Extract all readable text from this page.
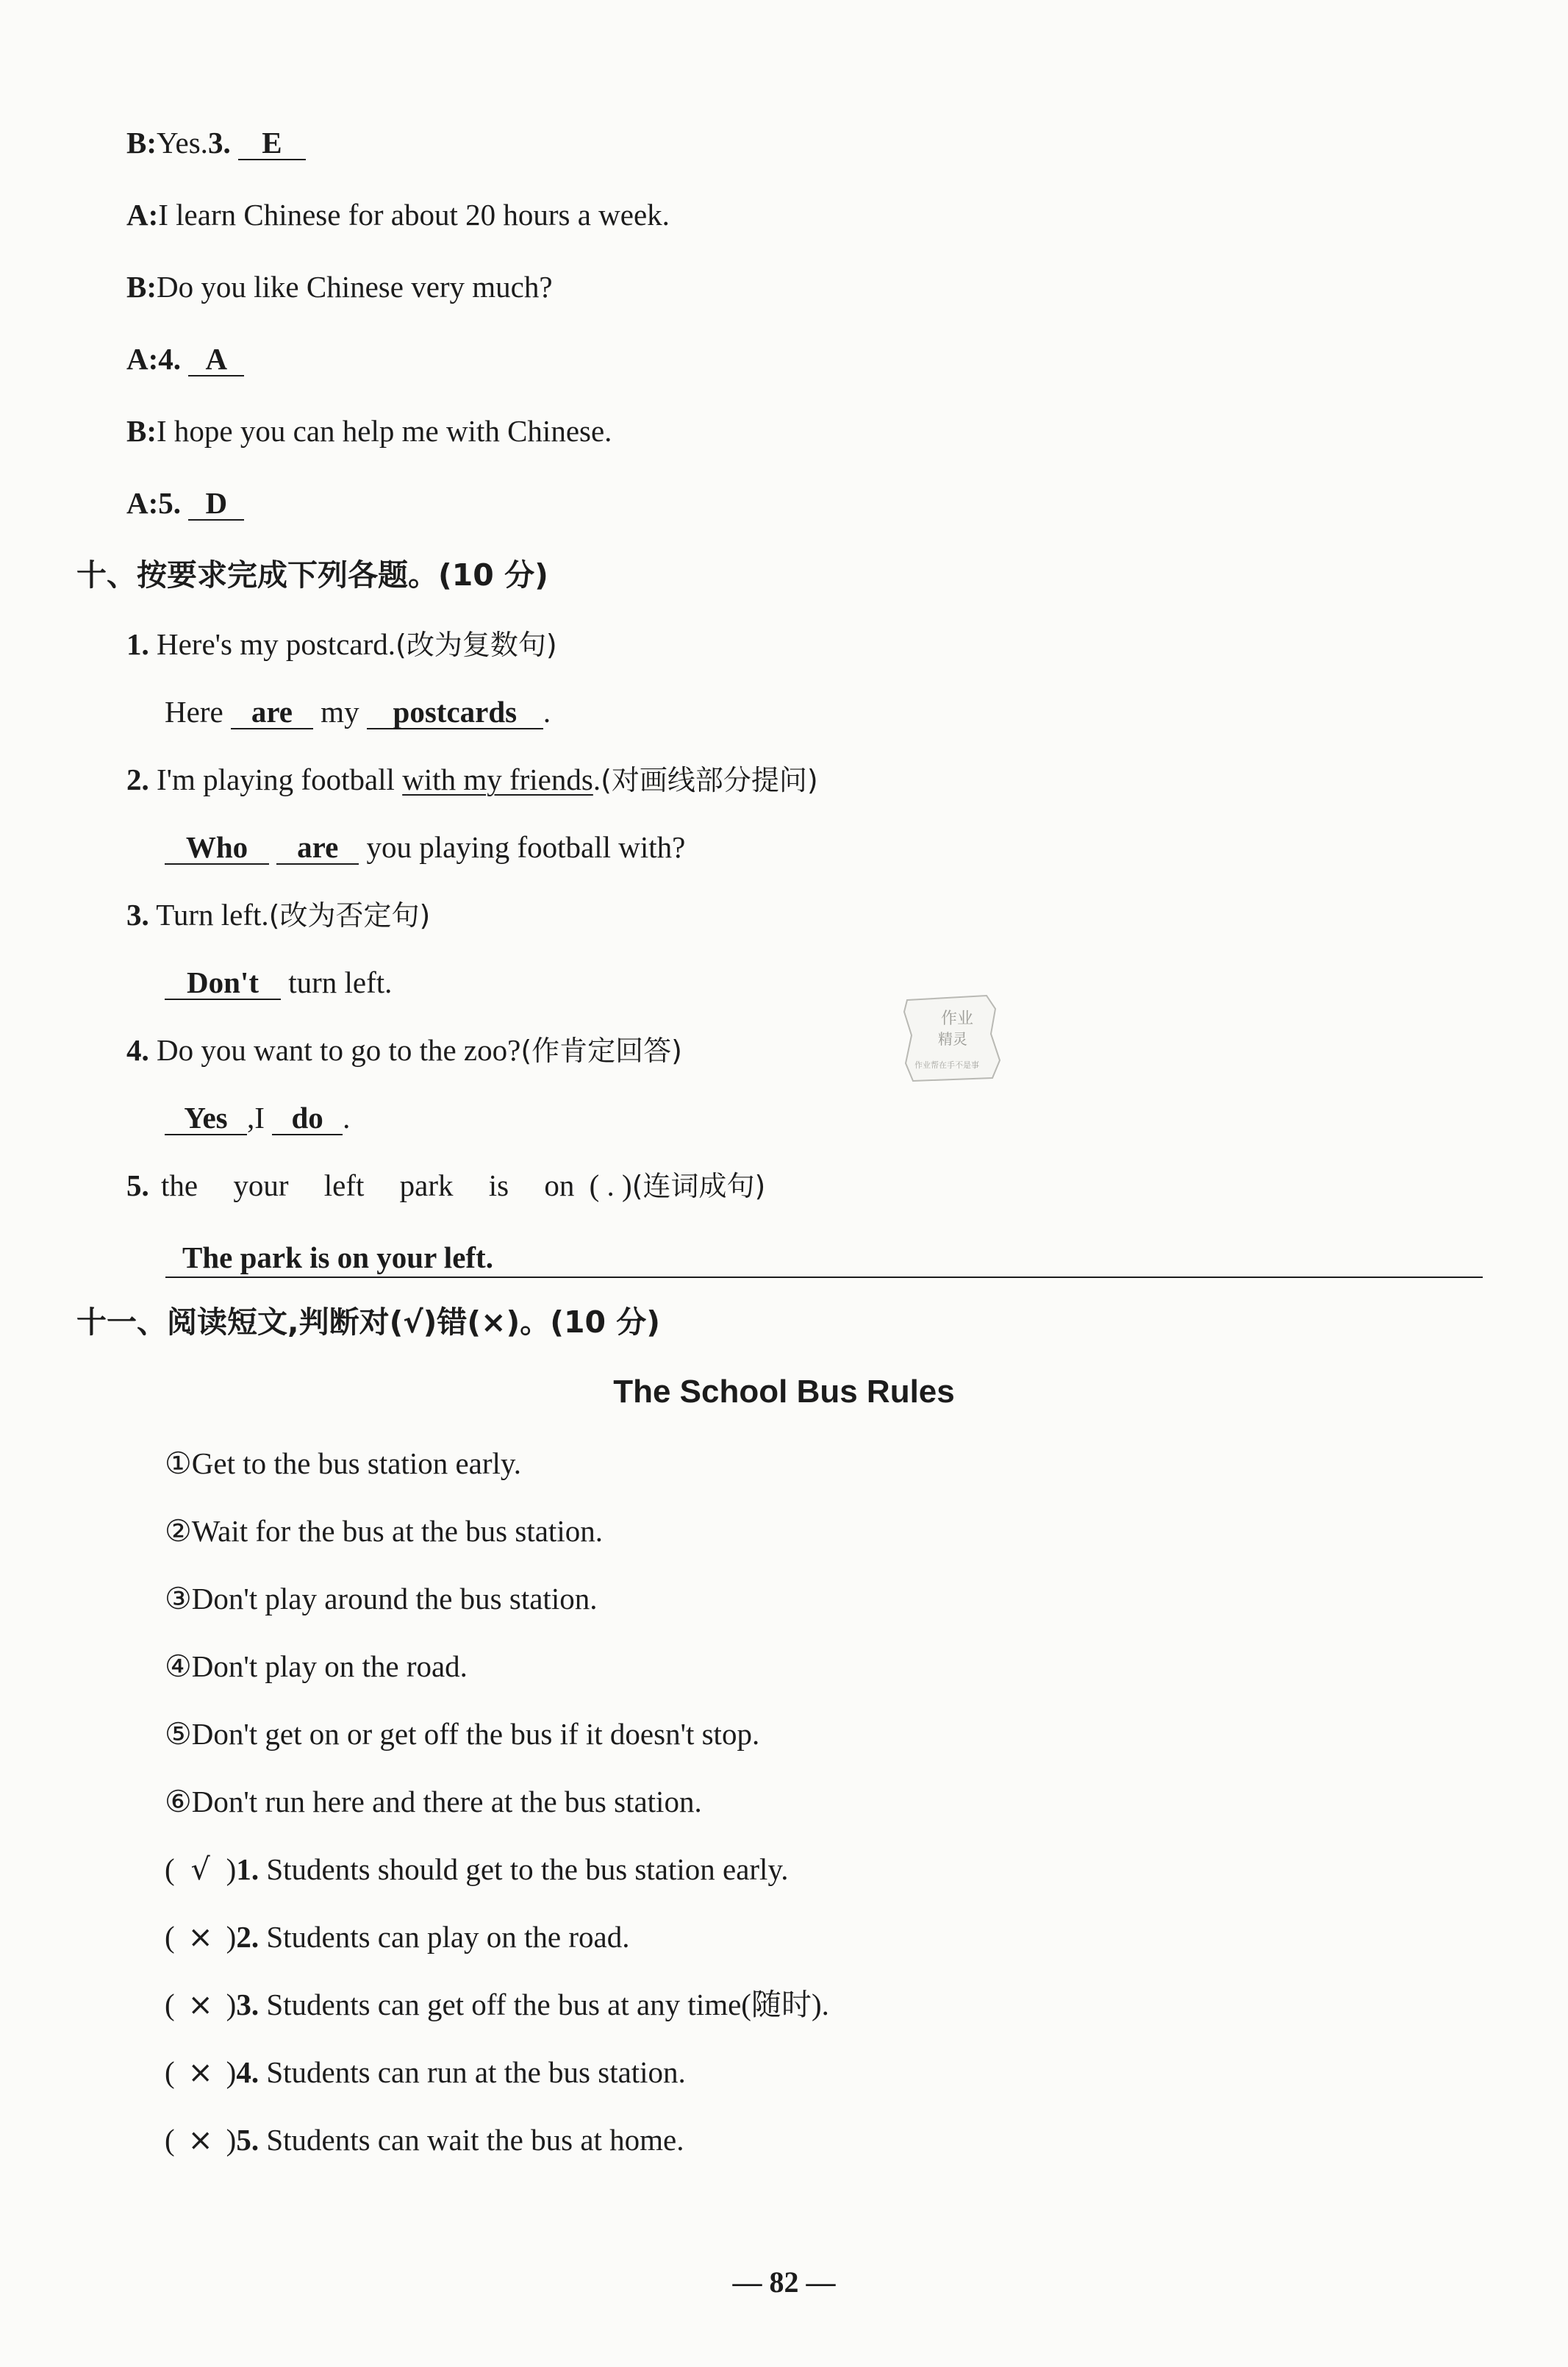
B:Yes.3. E
A:I learn Chinese for about 20 hours a week.
B:Do you like Chinese very much?
A:4. A
B:I hope you can help me with Chinese.
A:5. D
十、按要求完成下列各题。(10 分)
1. Here's my postcard.(改为复数句)
Here are my postcards .
2. I'm playing football with my friends.(对画线部分提问)
Who are you playing football with?
3. Turn left.(改为否定句)
Don't turn left.
4. Do you want to go to the zoo?(作肯定回答)
Yes ,I do .
5. the your left park is on ( . )(连词成句)
The park is on your left.
十一、阅读短文,判断对(√)错(×)。(10 分)
The School Bus Rules
①Get to the bus station early.
②Wait for the bus at the bus station.
③Don't play around the bus station.
④Don't play on the road.
⑤Don't get on or get off the bus if it doesn't stop.
⑥Don't run here and there at the bus station.
( √ )1. Students should get to the bus station early.
( × )2. Students can play on the road.
( × )3. Students can get off the bus at any time(随时).
( × )4. Students can run at the bus station.
( × )5. Students can wait the bus at home.
作业
精灵
作业帮在手不是事
— 82 —
